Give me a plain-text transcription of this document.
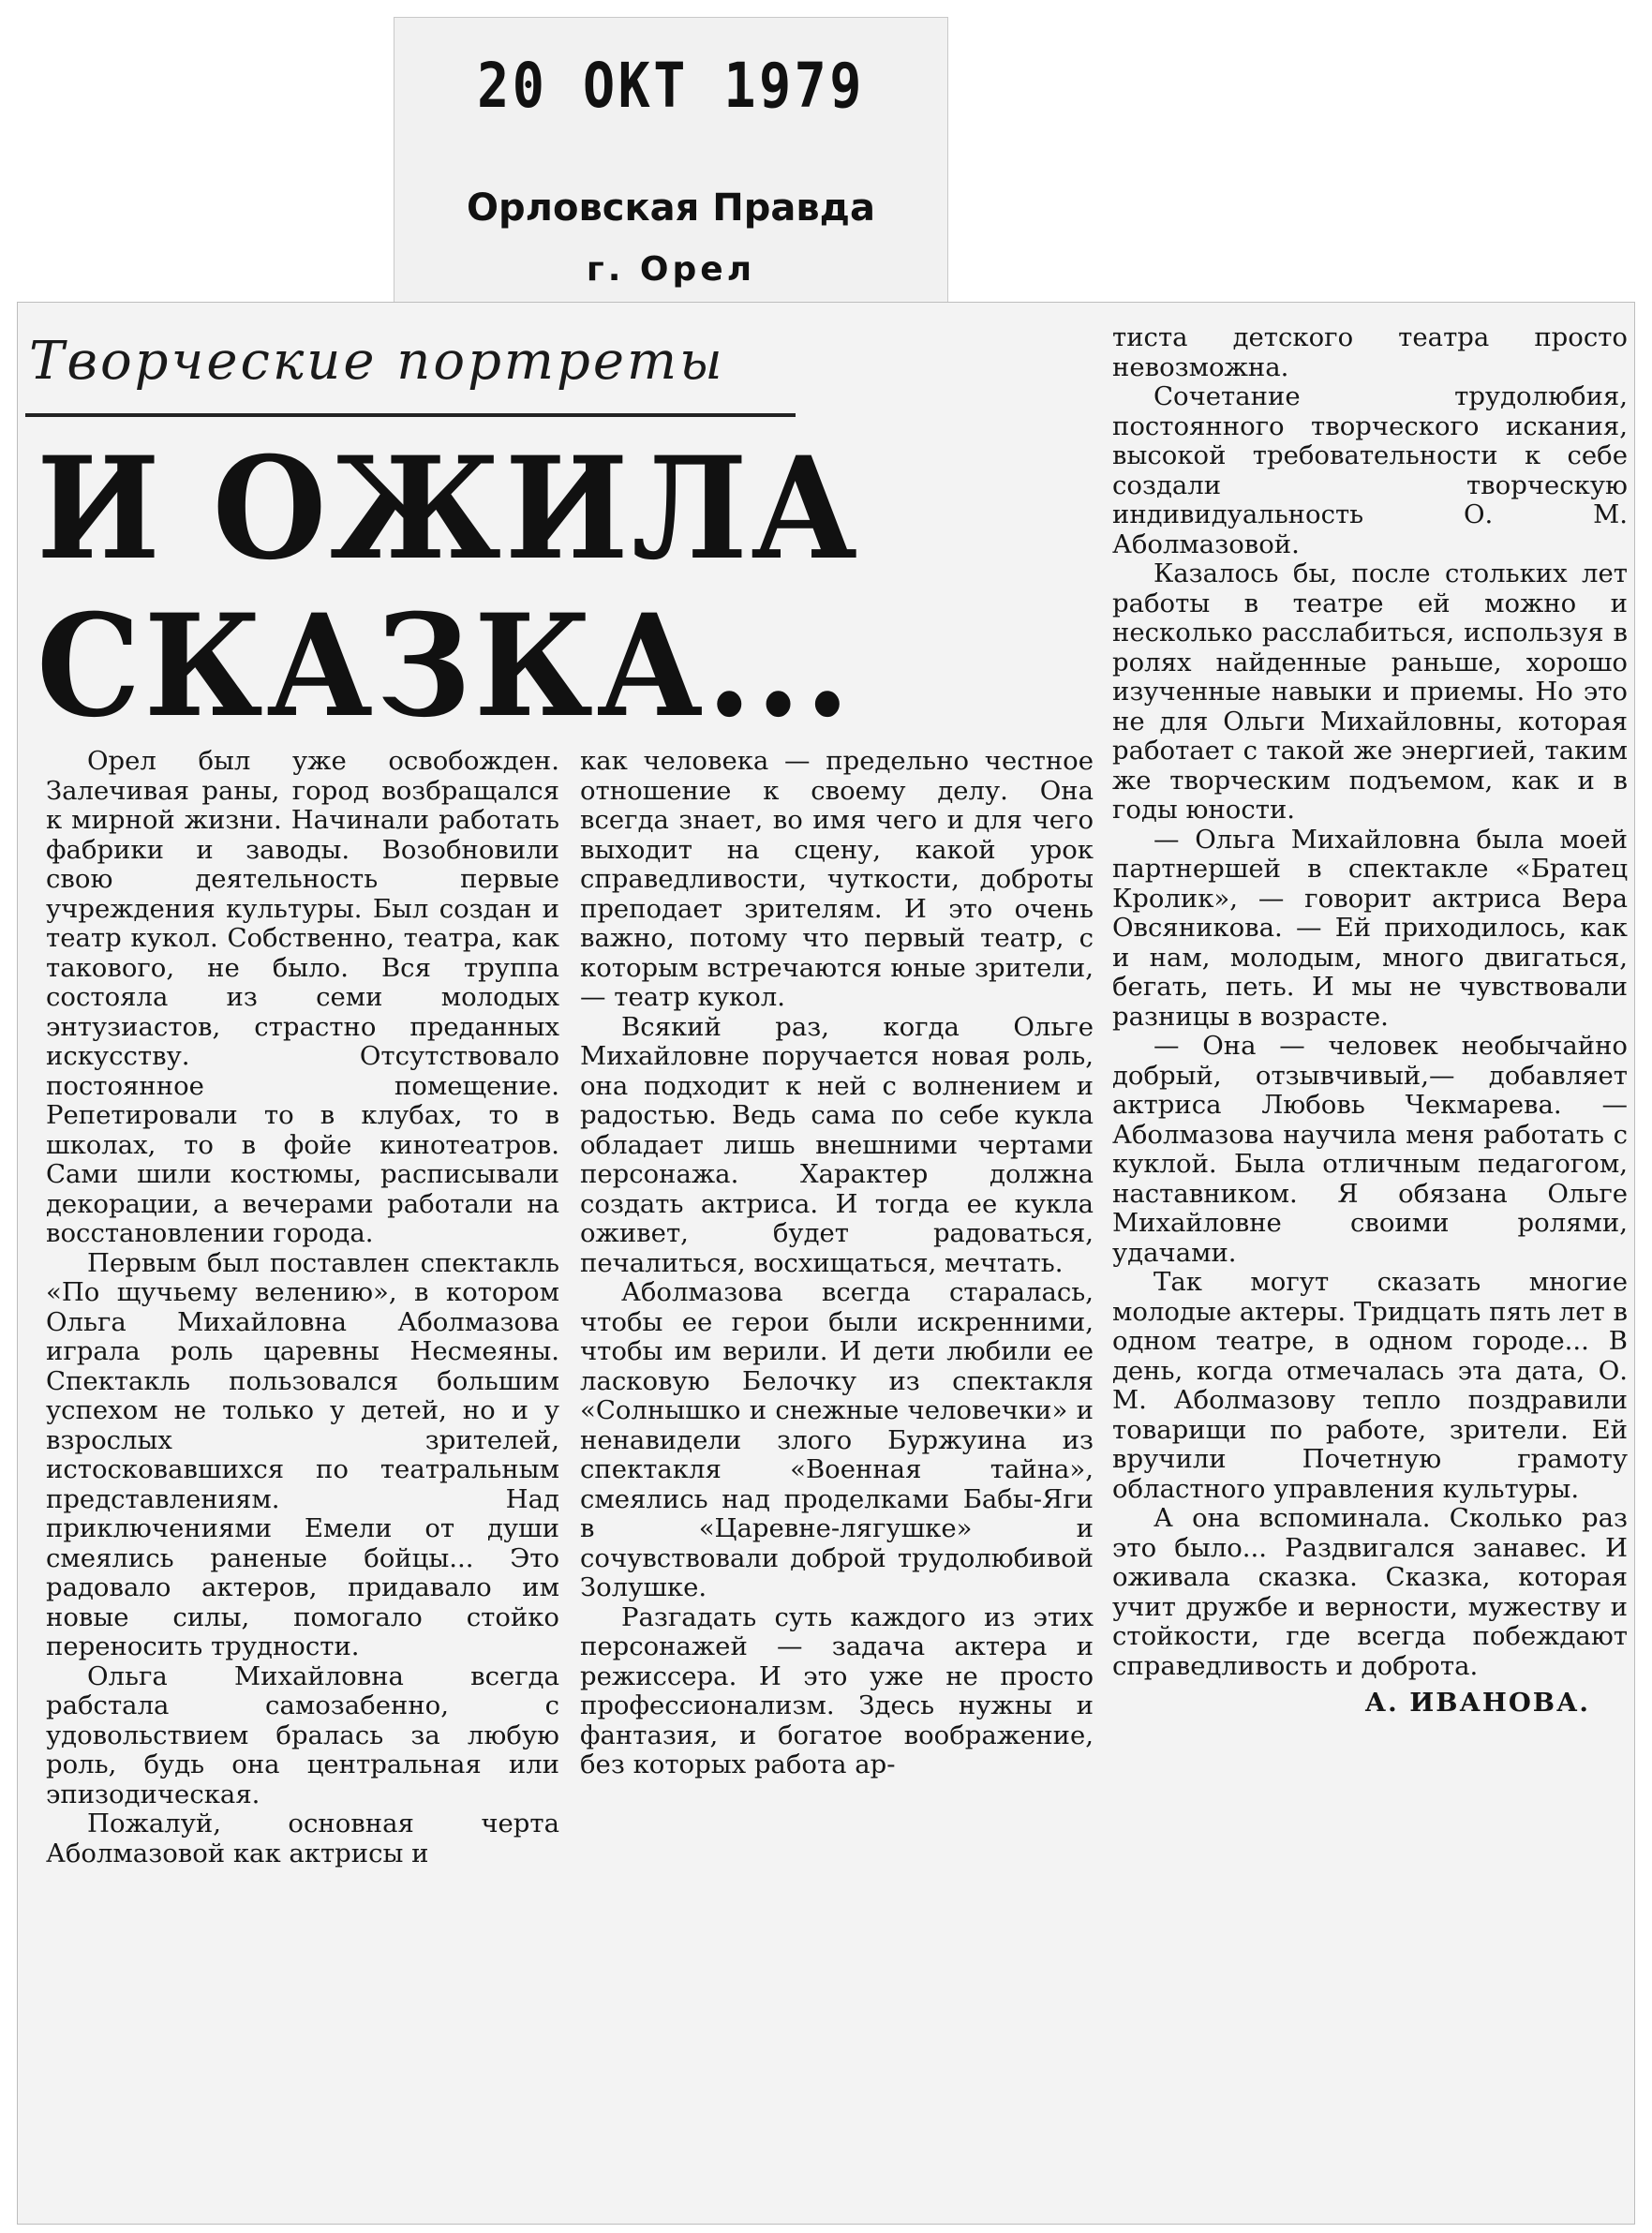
20 ОКТ 1979
Орловская Правда
г. Орел
Творческие портреты
И ОЖИЛА
СКАЗКА...

Орел был уже освобожден. Залечивая раны, город возбращался к мирной жизни. Начинали работать фабрики и заводы. Возобновили свою деятельность первые учреждения культуры. Был создан и театр кукол. Собственно, театра, как такового, не было. Вся труппа состояла из семи молодых энтузиастов, страстно преданных искусству. Отсутствовало постоянное помещение. Репетировали то в клубах, то в школах, то в фойе кинотеатров. Сами шили костюмы, расписывали декорации, а вечерами работали на восстановлении города.

Первым был поставлен спектакль «По щучьему велению», в котором Ольга Михайловна Аболмазова играла роль царевны Несмеяны. Спектакль пользовался большим успехом не только у детей, но и у взрослых зрителей, истосковавшихся по театральным представлениям. Над приключениями Емели от души смеялись раненые бойцы... Это радовало актеров, придавало им новые силы, помогало стойко переносить трудности.

Ольга Михайловна всегда рабстала самозабенно, с удовольствием бралась за любую роль, будь она центральная или эпизодическая.

Пожалуй, основная черта Аболмазовой как актрисы и

как человека — предельно честное отношение к своему делу. Она всегда знает, во имя чего и для чего выходит на сцену, какой урок справедливости, чуткости, доброты преподает зрителям. И это очень важно, потому что первый театр, с которым встречаются юные зрители, — театр кукол.

Всякий раз, когда Ольге Михайловне поручается новая роль, она подходит к ней с волнением и радостью. Ведь сама по себе кукла обладает лишь внешними чертами персонажа. Характер должна создать актриса. И тогда ее кукла оживет, будет радоваться, печалиться, восхищаться, мечтать.

Аболмазова всегда старалась, чтобы ее герои были искренними, чтобы им верили. И дети любили ее ласковую Белочку из спектакля «Солнышко и снежные человечки» и ненавидели злого Буржуина из спектакля «Военная тайна», смеялись над проделками Бабы-Яги в «Царевне-лягушке» и сочувствовали доброй трудолюбивой Золушке.

Разгадать суть каждого из этих персонажей — задача актера и режиссера. И это уже не просто профессионализм. Здесь нужны и фантазия, и богатое воображение, без которых работа ар-

тиста детского театра просто невозможна.

Сочетание трудолюбия, постоянного творческого искания, высокой требовательности к себе создали творческую индивидуальность О. М. Аболмазовой.

Казалось бы, после стольких лет работы в театре ей можно и несколько расслабиться, используя в ролях найденные раньше, хорошо изученные навыки и приемы. Но это не для Ольги Михайловны, которая работает с такой же энергией, таким же творческим подъемом, как и в годы юности.

— Ольга Михайловна была моей партнершей в спектакле «Братец Кролик», — говорит актриса Вера Овсяникова. — Ей приходилось, как и нам, молодым, много двигаться, бегать, петь. И мы не чувствовали разницы в возрасте.

— Она — человек необычайно добрый, отзывчивый,— добавляет актриса Любовь Чекмарева. — Аболмазова научила меня работать с куклой. Была отличным педагогом, наставником. Я обязана Ольге Михайловне своими ролями, удачами.

Так могут сказать многие молодые актеры. Тридцать пять лет в одном театре, в одном городе... В день, когда отмечалась эта дата, О. М. Аболмазову тепло поздравили товарищи по работе, зрители. Ей вручили Почетную грамоту областного управления культуры.

А она вспоминала. Сколько раз это было... Раздвигался занавес. И оживала сказка. Сказка, которая учит дружбе и верности, мужеству и стойкости, где всегда побеждают справедливость и доброта.

А. ИВАНОВА.
